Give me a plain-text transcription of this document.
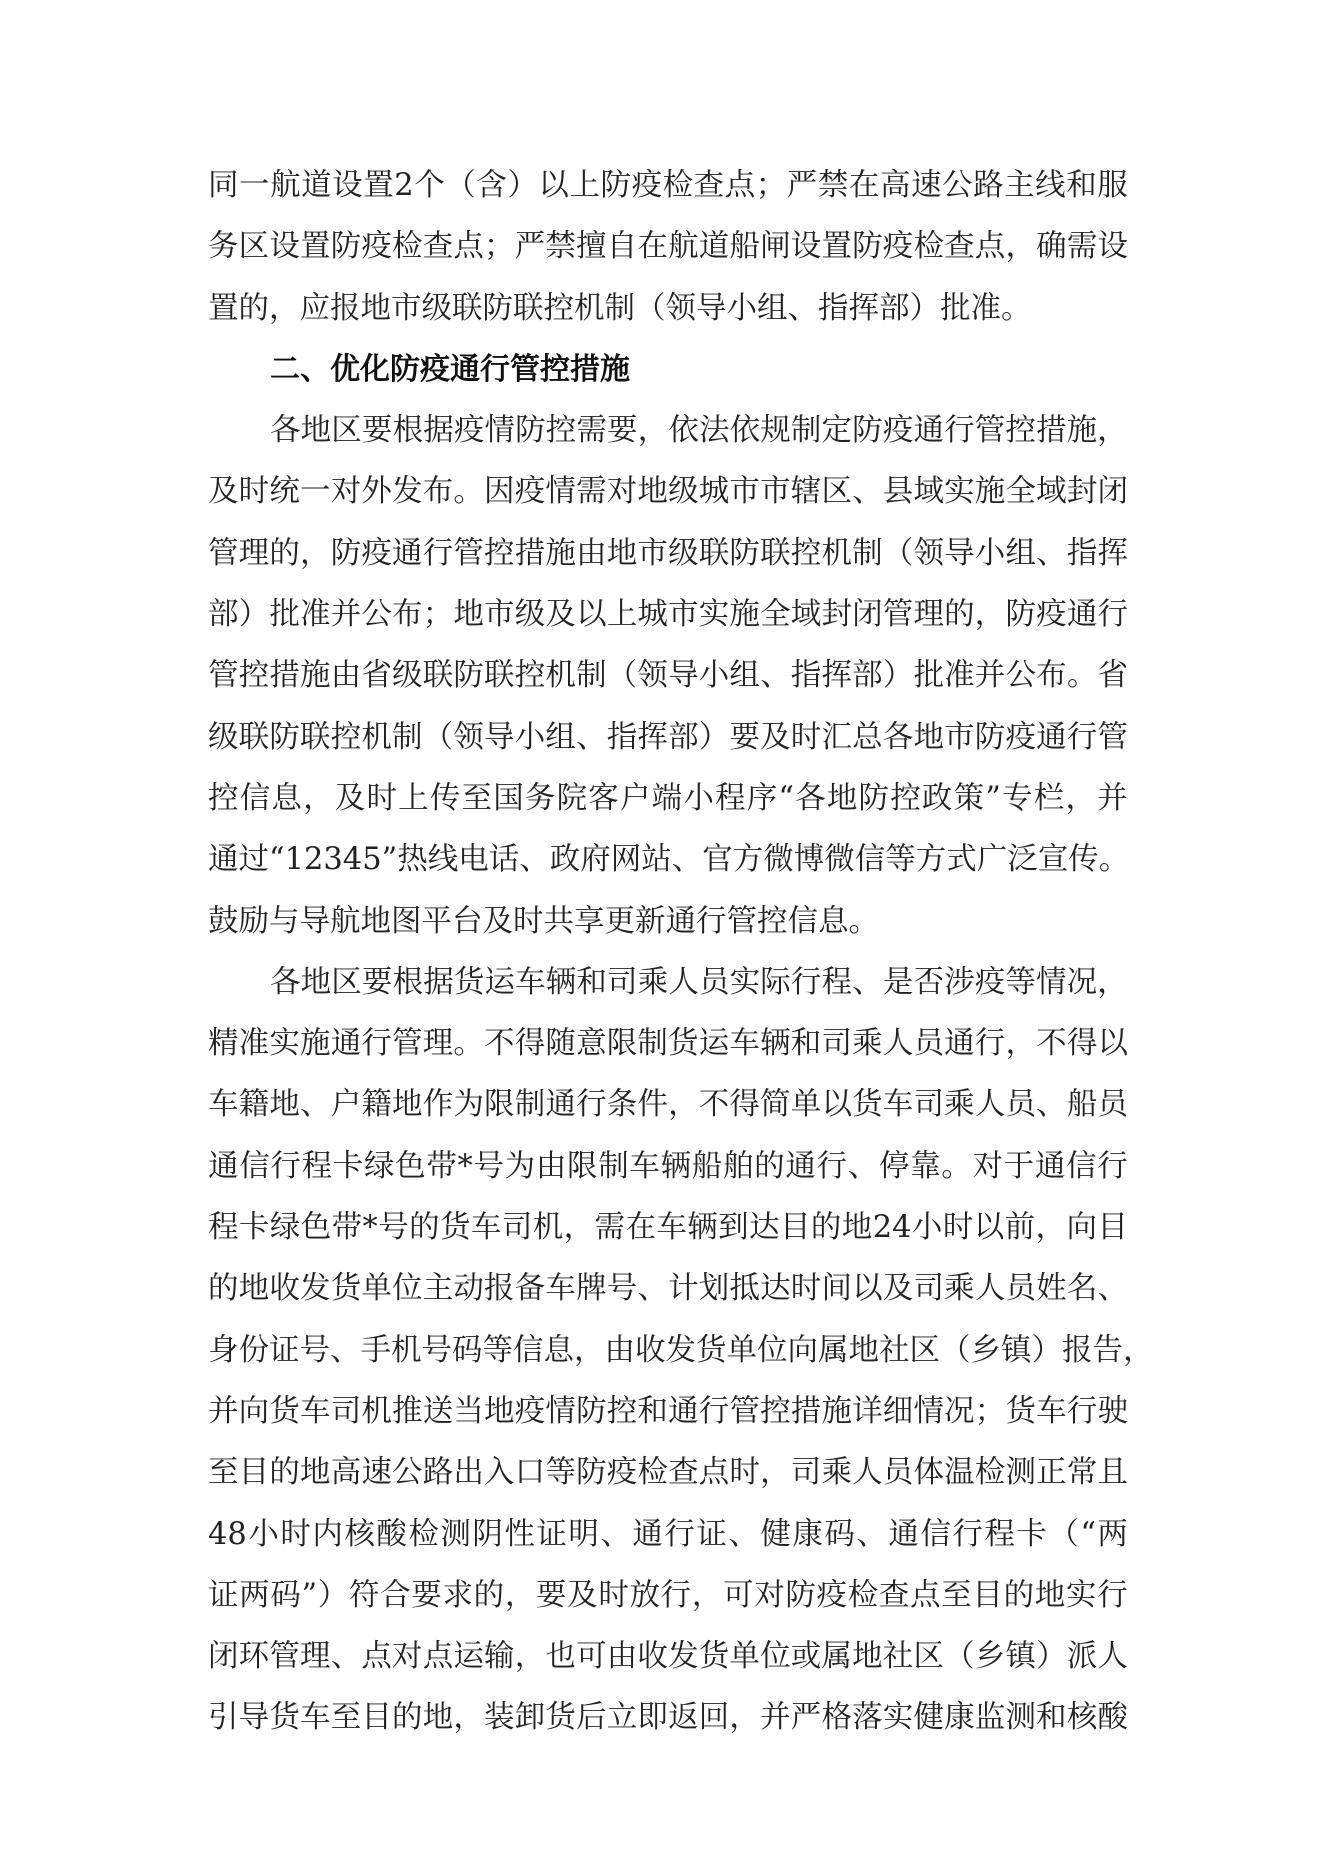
同 一 航 道 设 置 2 个 （ 含 ） 以 上 防 疫 检 查 点 ； 严 禁 在 高 速 公 路 主 线 和 服
务 区 设 置 防 疫 检 查 点 ； 严 禁 擅 自 在 航 道 船 闸 设 置 防 疫 检 查 点 ， 确 需 设
置的，应报地市级联防联控机制（领导小组、指挥部）批准。
二、优化防疫通行管控措施
各 地 区 要 根 据 疫 情 防 控 需 要 ， 依 法 依 规 制 定 防 疫 通 行 管 控 措 施 ，
及 时 统 一 对 外 发 布 。 因 疫 情 需 对 地 级 城 市 市 辖 区 、 县 域 实 施 全 域 封 闭
管 理 的 ， 防 疫 通 行 管 控 措 施 由 地 市 级 联 防 联 控 机 制 （ 领 导 小 组 、 指 挥
部 ） 批 准 并 公 布 ； 地 市 级 及 以 上 城 市 实 施 全 域 封 闭 管 理 的 ， 防 疫 通 行
管 控 措 施 由 省 级 联 防 联 控 机 制 （ 领 导 小 组 、 指 挥 部 ） 批 准 并 公 布 。 省
级 联 防 联 控 机 制 （ 领 导 小 组 、 指 挥 部 ） 要 及 时 汇 总 各 地 市 防 疫 通 行 管
控 信 息 ， 及 时 上 传 至 国 务 院 客 户 端 小 程 序 “ 各 地 防 控 政 策 ” 专 栏 ， 并
通 过 “ 12345 ” 热 线 电 话 、 政 府 网 站 、 官 方 微 博 微 信 等 方 式 广 泛 宣 传 。
鼓励与导航地图平台及时共享更新通行管控信息。
各 地 区 要 根 据 货 运 车 辆 和 司 乘 人 员 实 际 行 程 、 是 否 涉 疫 等 情 况 ，
精 准 实 施 通 行 管 理 。 不 得 随 意 限 制 货 运 车 辆 和 司 乘 人 员 通 行 ， 不 得 以
车 籍 地 、 户 籍 地 作 为 限 制 通 行 条 件 ， 不 得 简 单 以 货 车 司 乘 人 员 、 船 员
通 信 行 程 卡 绿 色 带 * 号 为 由 限 制 车 辆 船 舶 的 通 行 、 停 靠 。 对 于 通 信 行
程 卡 绿 色 带 * 号 的 货 车 司 机 ， 需 在 车 辆 到 达 目 的 地 24 小 时 以 前 ， 向 目
的 地 收 发 货 单 位 主 动 报 备 车 牌 号 、 计 划 抵 达 时 间 以 及 司 乘 人 员 姓 名 、
身 份 证 号 、 手 机 号 码 等 信 息 ， 由 收 发 货 单 位 向 属 地 社 区 （ 乡 镇 ） 报 告 ，
并 向 货 车 司 机 推 送 当 地 疫 情 防 控 和 通 行 管 控 措 施 详 细 情 况 ； 货 车 行 驶
至 目 的 地 高 速 公 路 出 入 口 等 防 疫 检 查 点 时 ， 司 乘 人 员 体 温 检 测 正 常 且
48 小 时 内 核 酸 检 测 阴 性 证 明 、 通 行 证 、 健 康 码 、 通 信 行 程 卡 （ “ 两
证 两 码 ” ） 符 合 要 求 的 ， 要 及 时 放 行 ， 可 对 防 疫 检 查 点 至 目 的 地 实 行
闭 环 管 理 、 点 对 点 运 输 ， 也 可 由 收 发 货 单 位 或 属 地 社 区 （ 乡 镇 ） 派 人
引 导 货 车 至 目 的 地 ， 装 卸 货 后 立 即 返 回 ， 并 严 格 落 实 健 康 监 测 和 核 酸
